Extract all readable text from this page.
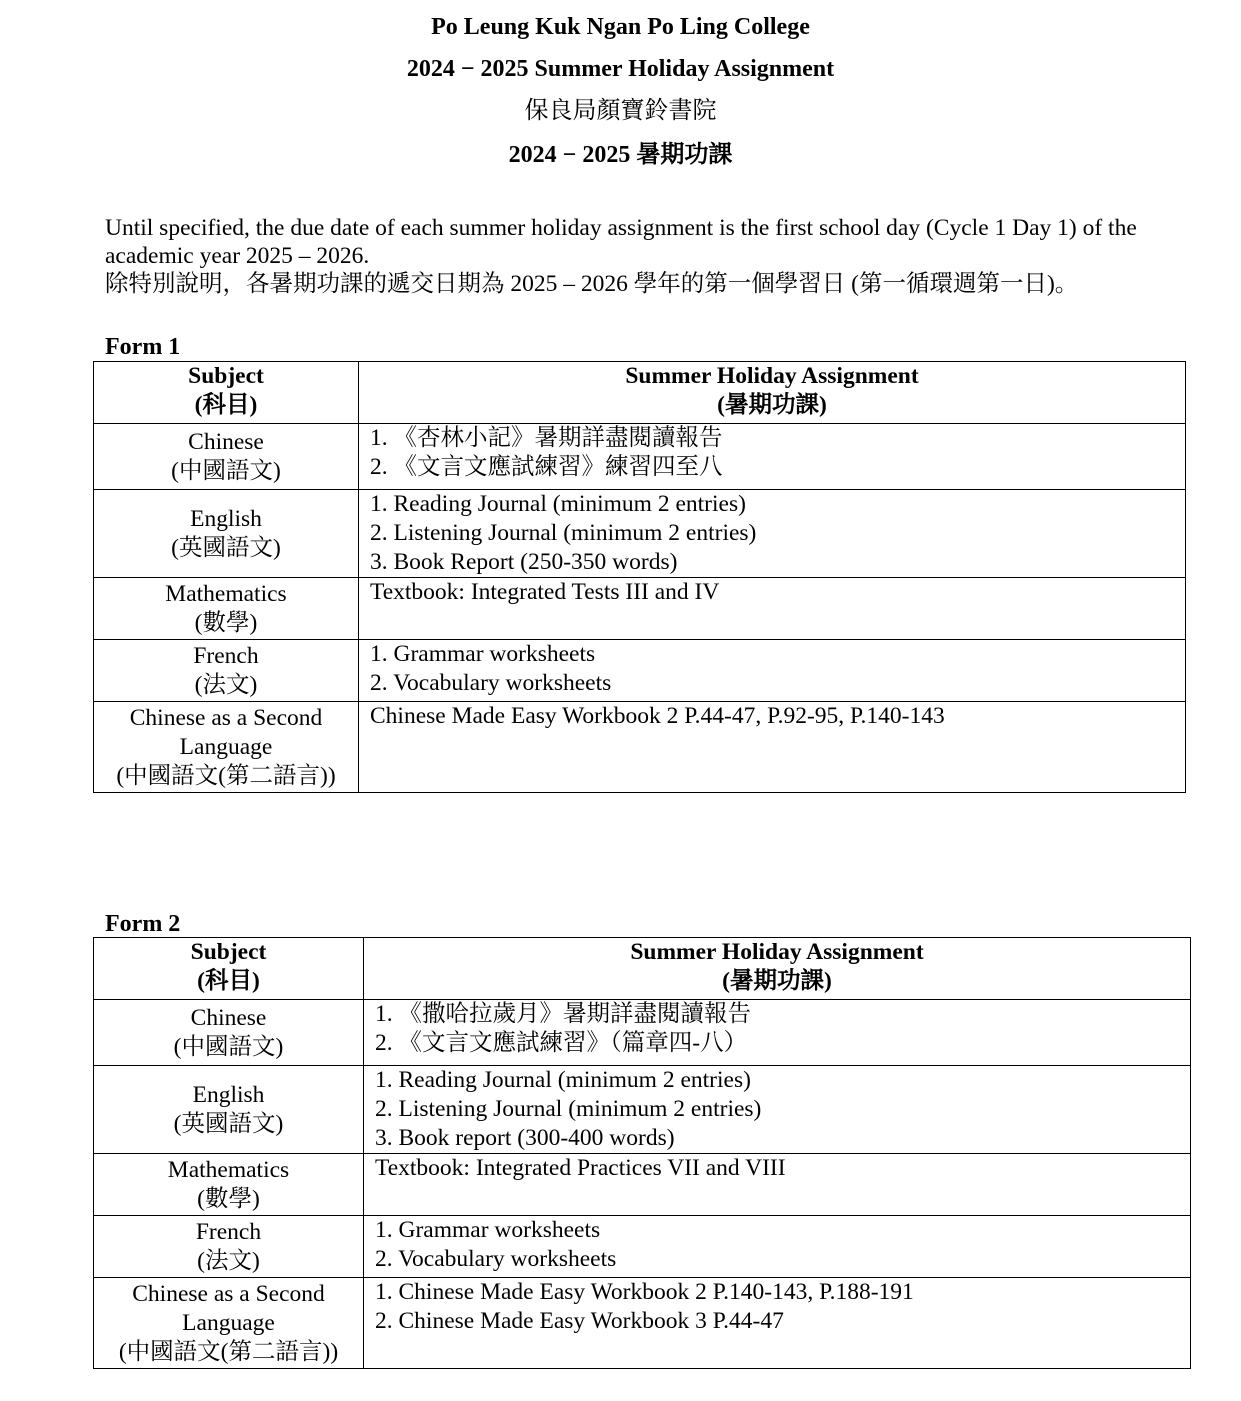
Po Leung Kuk Ngan Po Ling College
2024 − 2025 Summer Holiday Assignment
保良局顏寶鈴書院
2024 − 2025 暑期功課

Until specified, the due date of each summer holiday assignment is the first school day (Cycle 1 Day 1) of the academic year 2025 – 2026.

除特別說明，各暑期功課的遞交日期為 2025 – 2026 學年的第一個學習日 (第一循環週第一日)。

Form 1
Subject
(科目)	Summer Holiday Assignment
(暑期功課)

Chinese
(中國語文)	1. 《杏林小記》暑期詳盡閱讀報告
2. 《文言文應試練習》練習四至八

English
(英國語文)	1. Reading Journal (minimum 2 entries)
2. Listening Journal (minimum 2 entries)
3. Book Report (250-350 words)

Mathematics
(數學)	Textbook: Integrated Tests III and IV

French
(法文)	1. Grammar worksheets
2. Vocabulary worksheets

Chinese as a Second
Language
(中國語文(第二語言))	Chinese Made Easy Workbook 2 P.44-47, P.92-95, P.140-143
Form 2
Subject
(科目)	Summer Holiday Assignment
(暑期功課)

Chinese
(中國語文)	1. 《撒哈拉歲月》暑期詳盡閱讀報告
2. 《文言文應試練習》（篇章四-八）

English
(英國語文)	1. Reading Journal (minimum 2 entries)
2. Listening Journal (minimum 2 entries)
3. Book report (300-400 words)

Mathematics
(數學)	Textbook: Integrated Practices VII and VIII

French
(法文)	1. Grammar worksheets
2. Vocabulary worksheets

Chinese as a Second
Language
(中國語文(第二語言))	1. Chinese Made Easy Workbook 2 P.140-143, P.188-191
2. Chinese Made Easy Workbook 3 P.44-47
